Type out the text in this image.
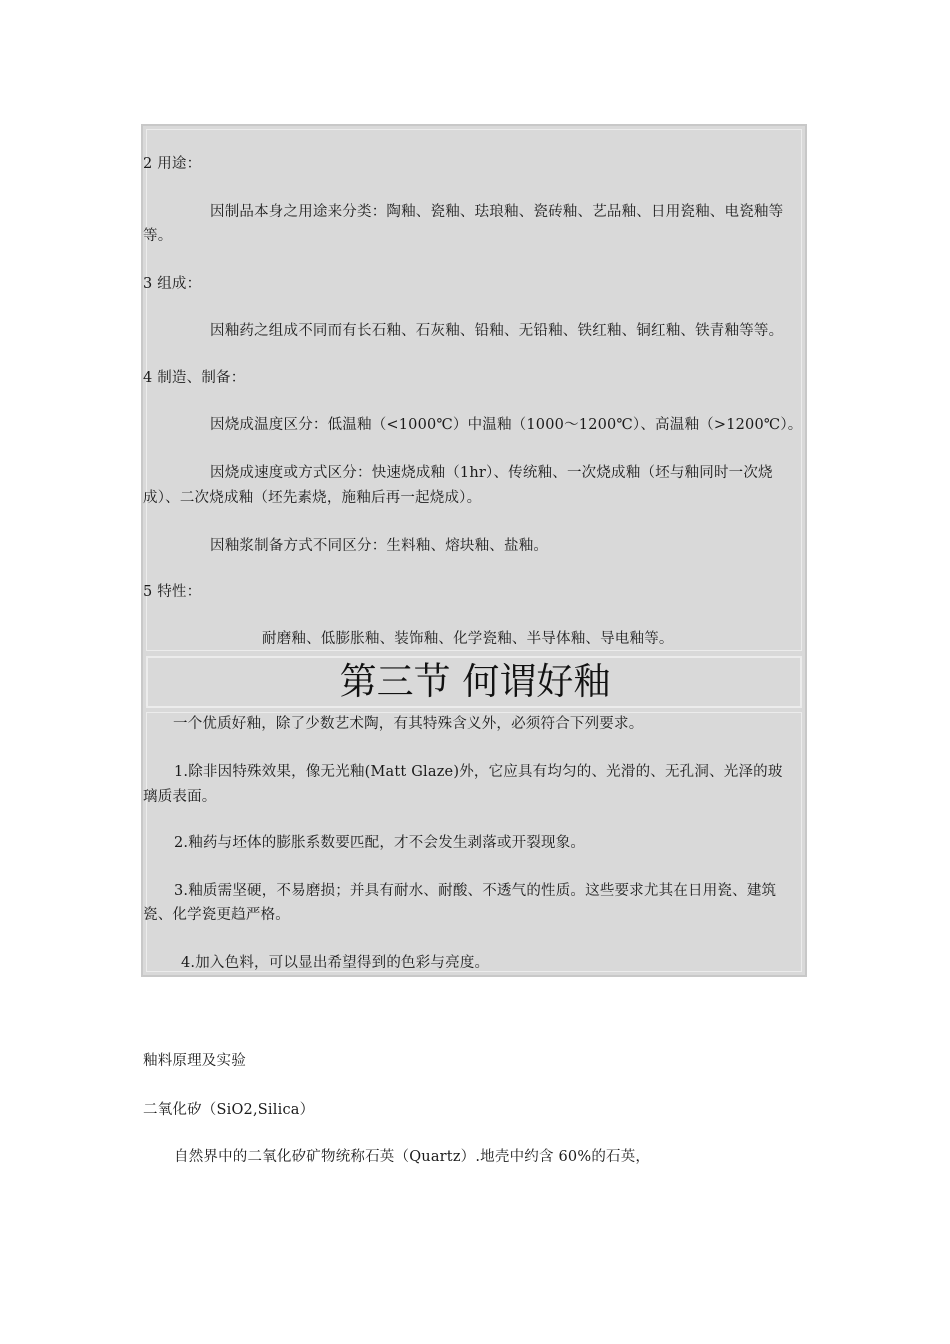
2 用途：
因制品本身之用途来分类：陶釉、瓷釉、珐琅釉、瓷砖釉、艺品釉、日用瓷釉、电瓷釉等
等。
3 组成：
因釉药之组成不同而有长石釉、石灰釉、铅釉、无铅釉、铁红釉、铜红釉、铁青釉等等。
4 制造、制备：
因烧成温度区分：低温釉（<1000℃）中温釉（1000～1200℃）、高温釉（>1200℃）。
因烧成速度或方式区分：快速烧成釉（1hr）、传统釉、一次烧成釉（坯与釉同时一次烧
成）、二次烧成釉（坯先素烧，施釉后再一起烧成）。
因釉浆制备方式不同区分：生料釉、熔块釉、盐釉。
5 特性：
耐磨釉、低膨胀釉、装饰釉、化学瓷釉、半导体釉、导电釉等。
第三节 何谓好釉
一个优质好釉，除了少数艺术陶，有其特殊含义外，必须符合下列要求。
1.除非因特殊效果，像无光釉(Matt Glaze)外，它应具有均匀的、光滑的、无孔洞、光泽的玻
璃质表面。
2.釉药与坯体的膨胀系数要匹配，才不会发生剥落或开裂现象。
3.釉质需坚硬，不易磨损；并具有耐水、耐酸、不透气的性质。这些要求尤其在日用瓷、建筑
瓷、化学瓷更趋严格。
4.加入色料，可以显出希望得到的色彩与亮度。
釉料原理及实验
二氧化矽（SiO2,Silica）
自然界中的二氧化矽矿物统称石英（Quartz）.地壳中约含 60%的石英，
